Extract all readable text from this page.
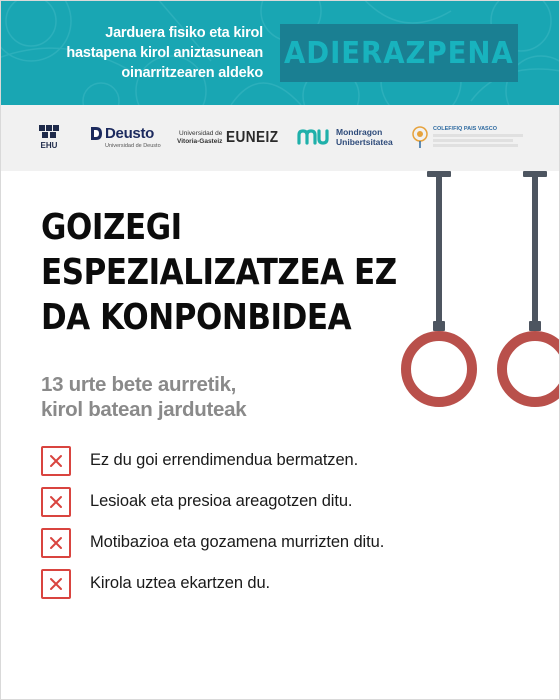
Jarduera fisiko eta kirol
hastapena kirol aniztasunean
oinarritzearen aldeko
ADIERAZPENA
EHU
Deusto
Universidad de Deusto
Universidad de
Vitoria-Gasteiz EUNEIZ	Mondragon
Unibertsitatea
COLEF/FIQ PAIS VASCO
GOIZEGI
ESPEZIALIZATZEA EZ
DA KONPONBIDEA
13 urte bete aurretik,
kirol batean jarduteak
Ez du goi errendimendua bermatzen.
Lesioak eta presioa areagotzen ditu.
Motibazioa eta gozamena murrizten ditu.
Kirola uztea ekartzen du.
